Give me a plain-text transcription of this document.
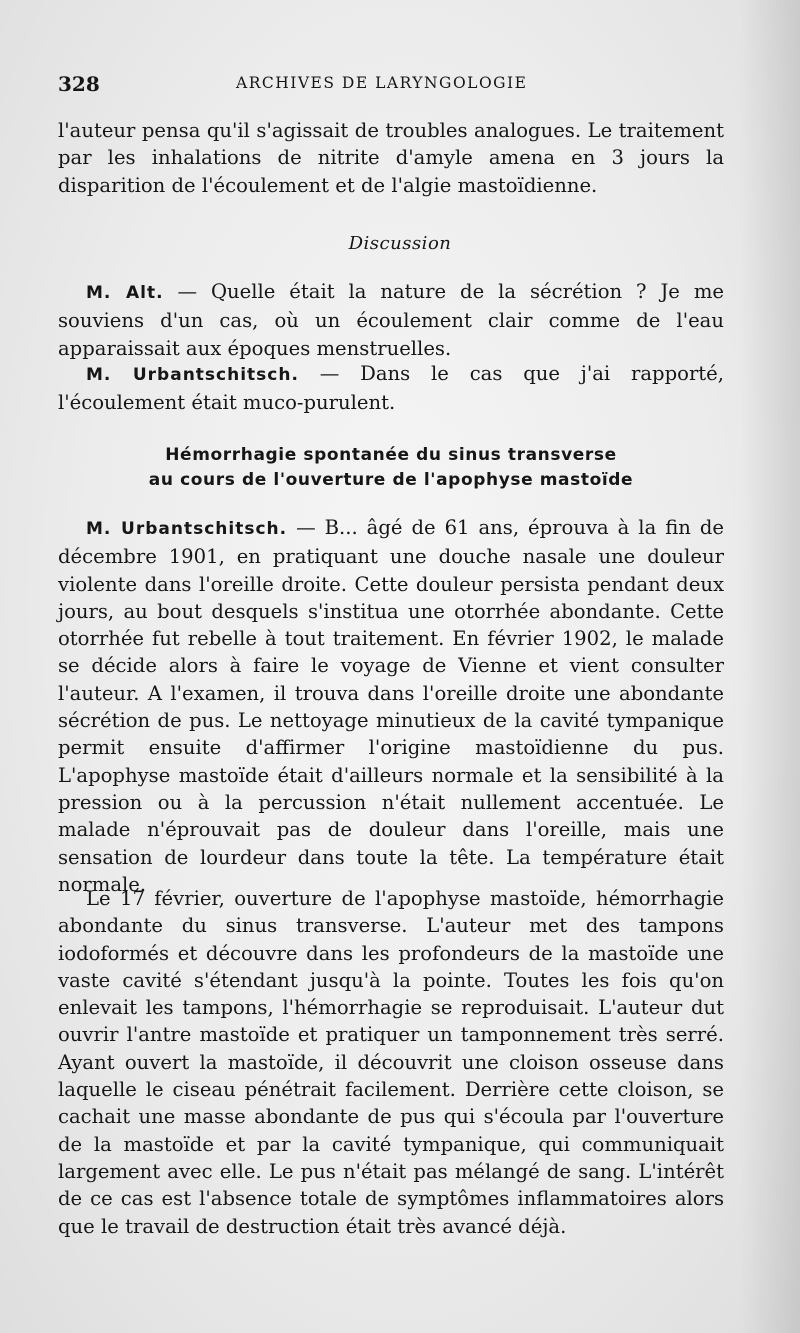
328	ARCHIVES DE LARYNGOLOGIE

l'auteur pensa qu'il s'agissait de troubles analogues. Le traitement par les inhalations de nitrite d'amyle amena en 3 jours la disparition de l'écoulement et de l'algie mastoïdienne.

Discussion

M. Alt. — Quelle était la nature de la sécrétion ? Je me souviens d'un cas, où un écoulement clair comme de l'eau apparaissait aux époques menstruelles.

M. Urbantschitsch. — Dans le cas que j'ai rapporté, l'écoulement était muco-purulent.

Hémorrhagie spontanée du sinus transverse
au cours de l'ouverture de l'apophyse mastoïde

M. Urbantschitsch. — B... âgé de 61 ans, éprouva à la fin de décembre 1901, en pratiquant une douche nasale une douleur violente dans l'oreille droite. Cette douleur persista pendant deux jours, au bout desquels s'institua une otorrhée abondante. Cette otorrhée fut rebelle à tout traitement. En février 1902, le malade se décide alors à faire le voyage de Vienne et vient consulter l'auteur. A l'examen, il trouva dans l'oreille droite une abondante sécrétion de pus. Le nettoyage minutieux de la cavité tympanique permit ensuite d'affirmer l'origine mastoïdienne du pus. L'apophyse mastoïde était d'ailleurs normale et la sensibilité à la pression ou à la percussion n'était nullement accentuée. Le malade n'éprouvait pas de douleur dans l'oreille, mais une sensation de lourdeur dans toute la tête. La température était normale.

Le 17 février, ouverture de l'apophyse mastoïde, hémorrhagie abondante du sinus transverse. L'auteur met des tampons iodoformés et découvre dans les profondeurs de la mastoïde une vaste cavité s'étendant jusqu'à la pointe. Toutes les fois qu'on enlevait les tampons, l'hémorrhagie se reproduisait. L'auteur dut ouvrir l'antre mastoïde et pratiquer un tamponnement très serré. Ayant ouvert la mastoïde, il découvrit une cloison osseuse dans laquelle le ciseau pénétrait facilement. Derrière cette cloison, se cachait une masse abondante de pus qui s'écoula par l'ouverture de la mastoïde et par la cavité tympanique, qui communiquait largement avec elle. Le pus n'était pas mélangé de sang. L'intérêt de ce cas est l'absence totale de symptômes inflammatoires alors que le travail de destruction était très avancé déjà.
